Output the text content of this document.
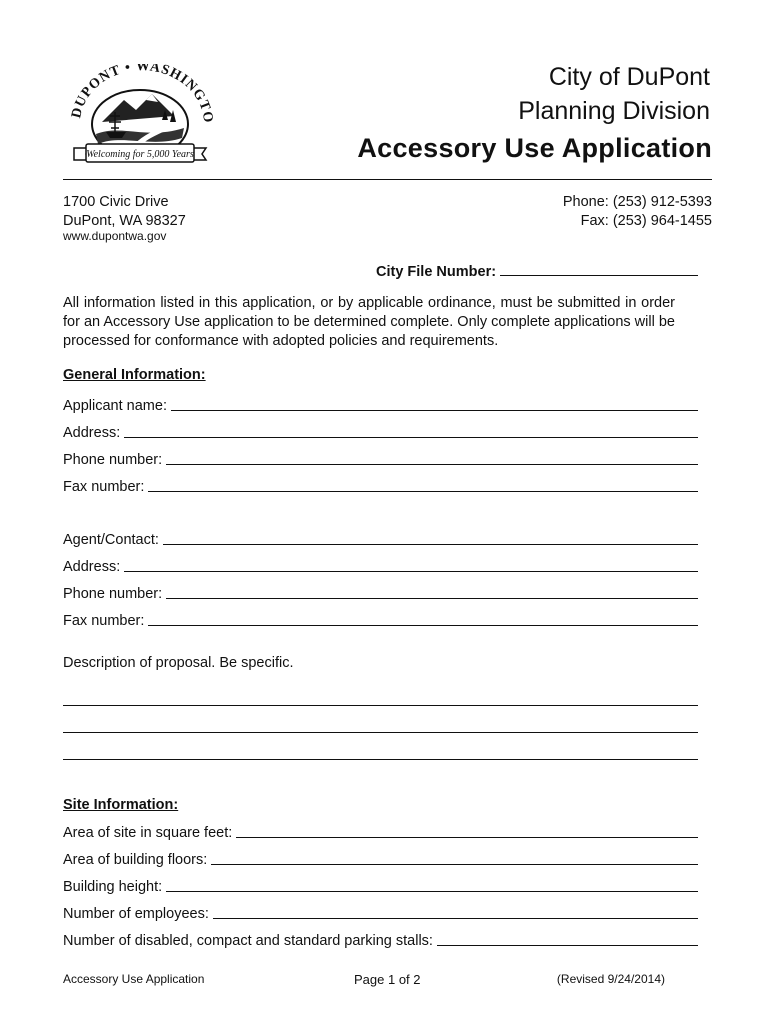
DUPONT • WASHINGTO
Welcoming for 5,000 Years
City of DuPont
Planning Division
Accessory Use Application
1700 Civic Drive
DuPont, WA 98327
www.dupontwa.gov
Phone: (253) 912-5393
Fax: (253) 964-1455
City File Number:
All information listed in this application, or by applicable ordinance, must be submitted in order for an Accessory Use application to be determined complete. Only complete applications will be processed for conformance with adopted policies and requirements.
General Information:
Applicant name:
Address:
Phone number:
Fax number:
Agent/Contact:
Address:
Phone number:
Fax number:
Description of proposal. Be specific.
Site Information:
Area of site in square feet:
Area of building floors:
Building height:
Number of employees:
Number of disabled, compact and standard parking stalls:
Accessory Use Application	Page 1 of 2	(Revised 9/24/2014)
